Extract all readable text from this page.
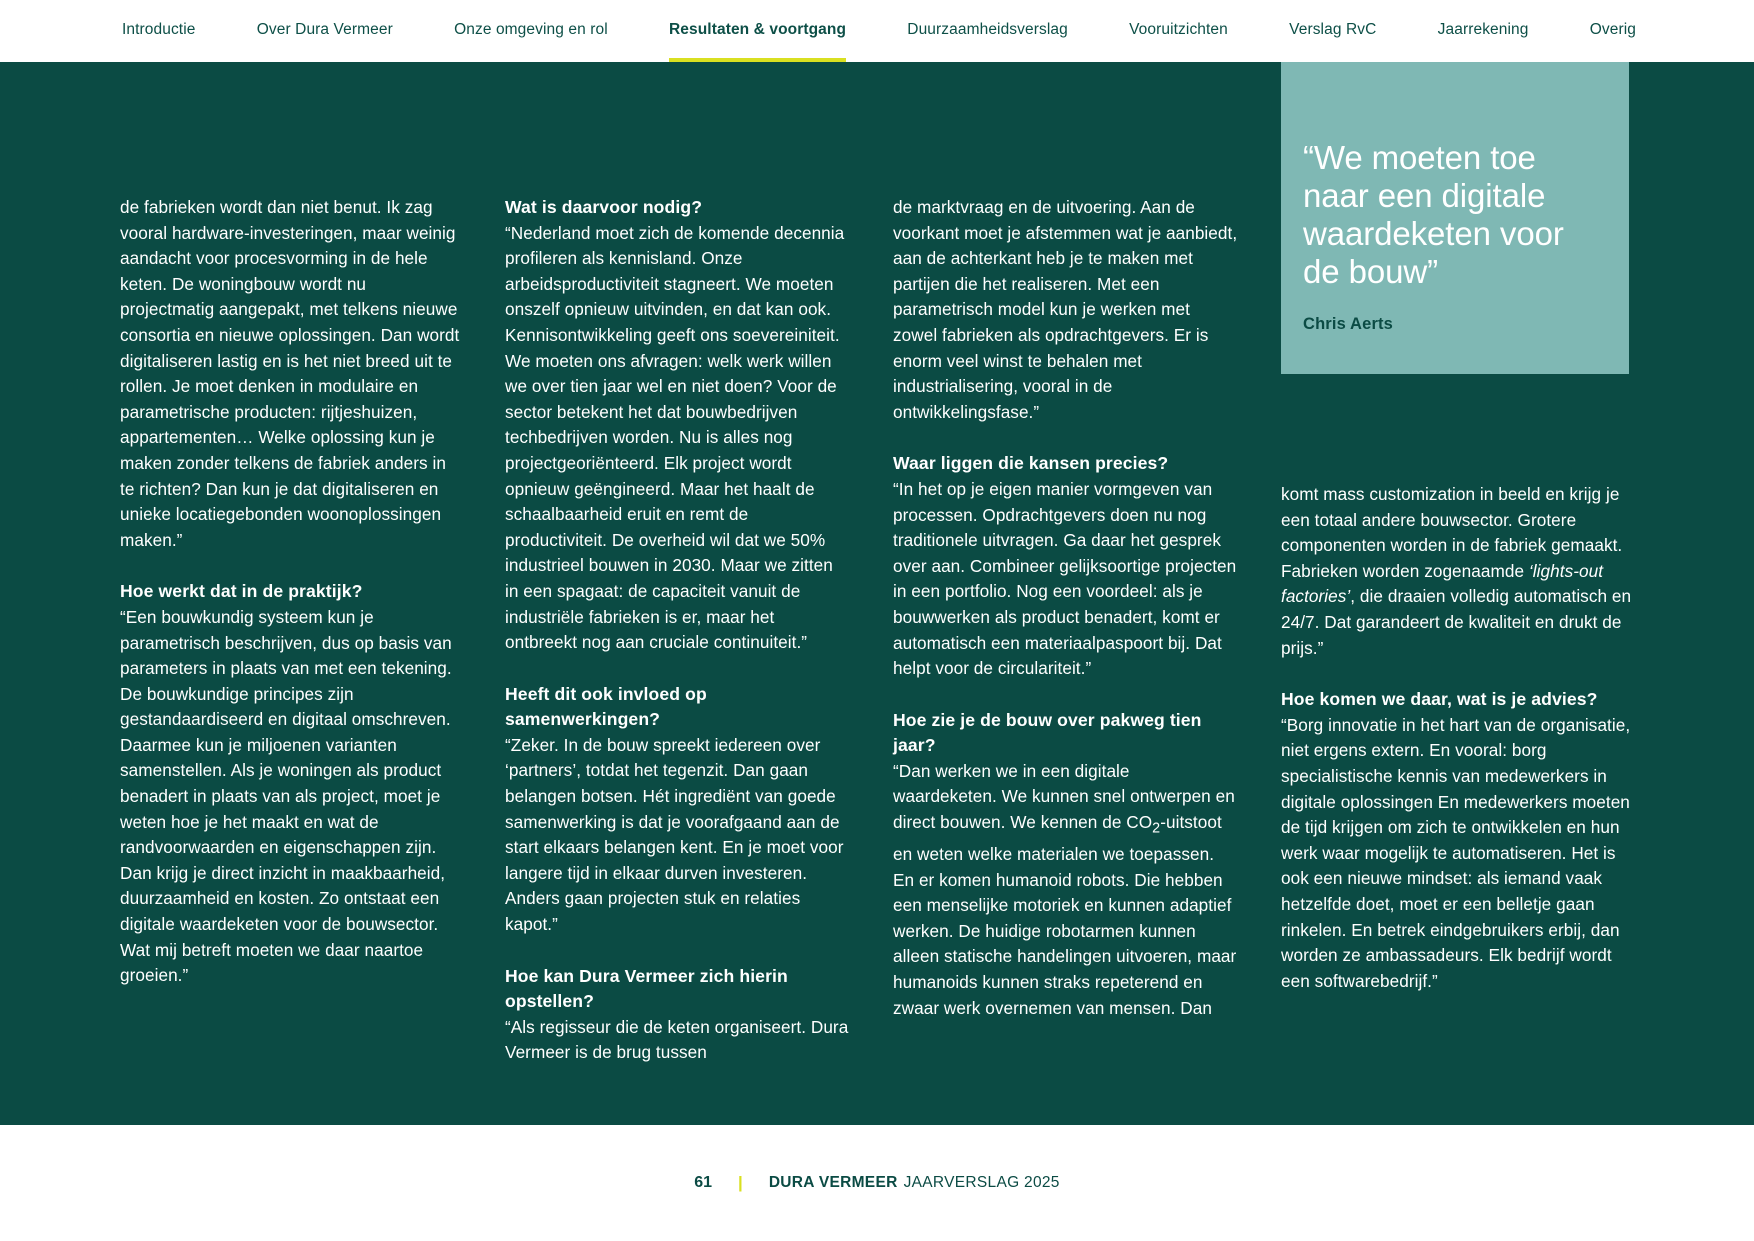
Introductie	Over Dura Vermeer	Onze omgeving en rol	Resultaten & voortgang	Duurzaamheidsverslag	Vooruitzichten	Verslag RvC	Jaarrekening	Overig

de fabrieken wordt dan niet benut. Ik zag vooral hardware-investeringen, maar weinig aandacht voor procesvorming in de hele keten. De woningbouw wordt nu projectmatig aangepakt, met telkens nieuwe consortia en nieuwe oplossingen. Dan wordt digitaliseren lastig en is het niet breed uit te rollen. Je moet denken in modulaire en parametrische producten: rijtjeshuizen, appartementen… Welke oplossing kun je maken zonder telkens de fabriek anders in te richten? Dan kun je dat digitaliseren en unieke locatiegebonden woonoplossingen maken.”

Hoe werkt dat in de praktijk?

“Een bouwkundig systeem kun je parametrisch beschrijven, dus op basis van parameters in plaats van met een tekening. De bouwkundige principes zijn gestandaardiseerd en digitaal omschreven. Daarmee kun je miljoenen varianten samenstellen. Als je woningen als product benadert in plaats van als project, moet je weten hoe je het maakt en wat de randvoorwaarden en eigenschappen zijn. Dan krijg je direct inzicht in maakbaarheid, duurzaamheid en kosten. Zo ontstaat een digitale waardeketen voor de bouwsector. Wat mij betreft moeten we daar naartoe groeien.”

Wat is daarvoor nodig?

“Nederland moet zich de komende decennia profileren als kennisland. Onze arbeidsproductiviteit stagneert. We moeten onszelf opnieuw uitvinden, en dat kan ook. Kennisontwikkeling geeft ons soevereiniteit. We moeten ons afvragen: welk werk willen we over tien jaar wel en niet doen? Voor de sector betekent het dat bouwbedrijven techbedrijven worden. Nu is alles nog projectgeoriënteerd. Elk project wordt opnieuw geëngineerd. Maar het haalt de schaalbaarheid eruit en remt de productiviteit. De overheid wil dat we 50% industrieel bouwen in 2030. Maar we zitten in een spagaat: de capaciteit vanuit de industriële fabrieken is er, maar het ontbreekt nog aan cruciale continuiteit.”

Heeft dit ook invloed op samenwerkingen?

“Zeker. In de bouw spreekt iedereen over ‘partners’, totdat het tegenzit. Dan gaan belangen botsen. Hét ingrediënt van goede samenwerking is dat je voorafgaand aan de start elkaars belangen kent. En je moet voor langere tijd in elkaar durven investeren. Anders gaan projecten stuk en relaties kapot.”

Hoe kan Dura Vermeer zich hierin opstellen?

“Als regisseur die de keten organiseert. Dura Vermeer is de brug tussen

de marktvraag en de uitvoering. Aan de voorkant moet je afstemmen wat je aanbiedt, aan de achterkant heb je te maken met partijen die het realiseren. Met een parametrisch model kun je werken met zowel fabrieken als opdrachtgevers. Er is enorm veel winst te behalen met industrialisering, vooral in de ontwikkelingsfase.”

Waar liggen die kansen precies?

“In het op je eigen manier vormgeven van processen. Opdrachtgevers doen nu nog traditionele uitvragen. Ga daar het gesprek over aan. Combineer gelijksoortige projecten in een portfolio. Nog een voordeel: als je bouwwerken als product benadert, komt er automatisch een materiaalpaspoort bij. Dat helpt voor de circulariteit.”

Hoe zie je de bouw over pakweg tien jaar?

“Dan werken we in een digitale waardeketen. We kunnen snel ontwerpen en direct bouwen. We kennen de $CO_2$-uitstoot en weten welke materialen we toepassen. En er komen humanoid robots. Die hebben een menselijke motoriek en kunnen adaptief werken. De huidige robotarmen kunnen alleen statische handelingen uitvoeren, maar humanoids kunnen straks repeterend en zwaar werk overnemen van mensen. Dan

komt mass customization in beeld en krijg je een totaal andere bouwsector. Grotere componenten worden in de fabriek gemaakt. Fabrieken worden zogenaamde ‘lights-out factories’, die draaien volledig automatisch en 24/7. Dat garandeert de kwaliteit en drukt de prijs.”

Hoe komen we daar, wat is je advies?

“Borg innovatie in het hart van de organisatie, niet ergens extern. En vooral: borg specialistische kennis van medewerkers in digitale oplossingen En medewerkers moeten de tijd krijgen om zich te ontwikkelen en hun werk waar mogelijk te automatiseren. Het is ook een nieuwe mindset: als iemand vaak hetzelfde doet, moet er een belletje gaan rinkelen. En betrek eindgebruikers erbij, dan worden ze ambassadeurs. Elk bedrijf wordt een softwarebedrijf.”

“We moeten toe naar een digitale waardeketen voor de bouw”
Chris Aerts
61 | DURA VERMEER JAARVERSLAG 2025
